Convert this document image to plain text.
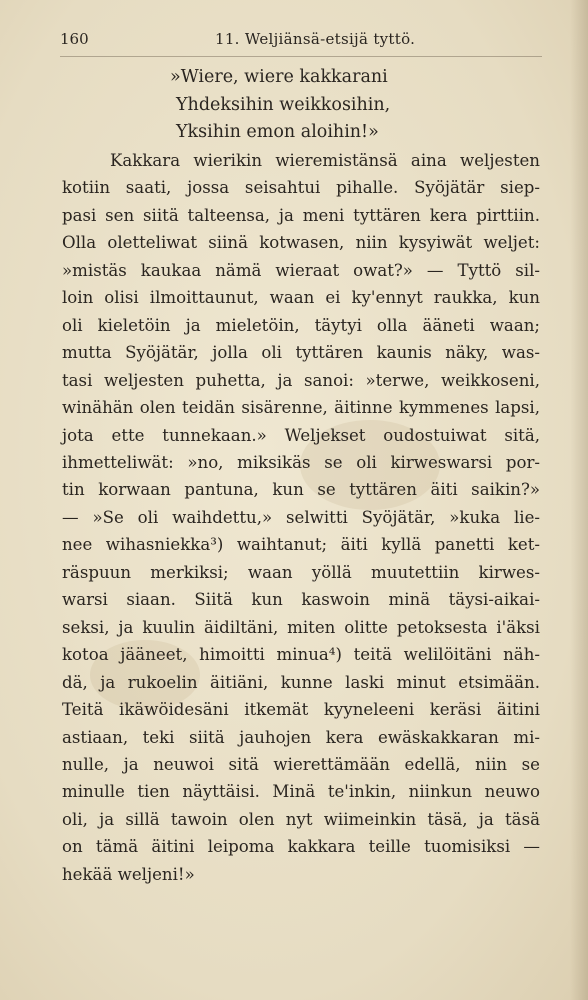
160	11. Weljiänsä-etsijä tyttö.
»Wiere, wiere kakkarani
Yhdeksihin weikkosihin,
Yksihin emon aloihin!»
Kakkara wierikin wieremistänsä aina weljesten
kotiin saati, jossa seisahtui pihalle. Syöjätär siep-
pasi sen siitä talteensa, ja meni tyttären kera pirttiin.
Olla oletteliwat siinä kotwasen, niin kysyiwät weljet:
»mistäs kaukaa nämä wieraat owat?» — Tyttö sil-
loin olisi ilmoittaunut, waan ei ky'ennyt raukka, kun
oli kieletöin ja mieletöin, täytyi olla ääneti waan;
mutta Syöjätär, jolla oli tyttären kaunis näky, was-
tasi weljesten puhetta, ja sanoi: »terwe, weikkoseni,
winähän olen teidän sisärenne, äitinne kymmenes lapsi,
jota ette tunnekaan.» Weljekset oudostuiwat sitä,
ihmetteliwät: »no, miksikäs se oli kirweswarsi por-
tin korwaan pantuna, kun se tyttären äiti saikin?»
— »Se oli waihdettu,» selwitti Syöjätär, »kuka lie-
nee wihasniekka³) waihtanut; äiti kyllä panetti ket-
räspuun merkiksi; waan yöllä muutettiin kirwes-
warsi siaan. Siitä kun kaswoin minä täysi-aikai-
seksi, ja kuulin äidiltäni, miten olitte petoksesta i'äksi
kotoa jääneet, himoitti minua⁴) teitä welilöitäni näh-
dä, ja rukoelin äitiäni, kunne laski minut etsimään.
Teitä ikäwöidesäni itkemät kyyneleeni keräsi äitini
astiaan, teki siitä jauhojen kera ewäskakkaran mi-
nulle, ja neuwoi sitä wierettämään edellä, niin se
minulle tien näyttäisi. Minä te'inkin, niinkun neuwo
oli, ja sillä tawoin olen nyt wiimeinkin täsä, ja täsä
on tämä äitini leipoma kakkara teille tuomisiksi —
hekää weljeni!»
